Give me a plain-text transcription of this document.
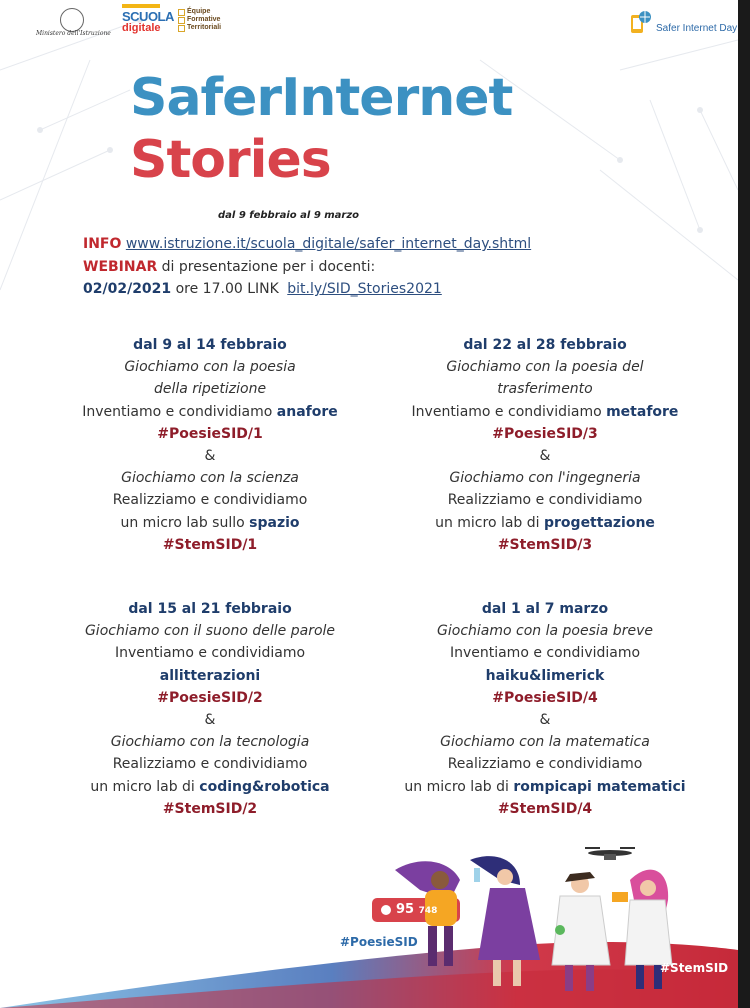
Ministero dell'Istruzione
SCUOLA
digitale
Équipe
Formative
Territoriali	Safer Internet Day
SaferInternet
Stories
dal 9 febbraio al 9 marzo
INFO www.istruzione.it/scuola_digitale/safer_internet_day.shtml
WEBINAR di presentazione per i docenti:
02/02/2021 ore 17.00 LINK bit.ly/SID_Stories2021
dal 9 al 14 febbraio
Giochiamo con la poesia
della ripetizione
Inventiamo e condividiamo anafore
#PoesieSID/1
&
Giochiamo con la scienza
Realizziamo e condividiamo
un micro lab sullo spazio
#StemSID/1
dal 22 al 28 febbraio
Giochiamo con la poesia del
trasferimento
Inventiamo e condividiamo metafore
#PoesieSID/3
&
Giochiamo con l'ingegneria
Realizziamo e condividiamo
un micro lab di progettazione
#StemSID/3
dal 15 al 21 febbraio
Giochiamo con il suono delle parole
Inventiamo e condividiamo
allitterazioni
#PoesieSID/2
&
Giochiamo con la tecnologia
Realizziamo e condividiamo
un micro lab di coding&robotica
#StemSID/2
dal 1 al 7 marzo
Giochiamo con la poesia breve
Inventiamo e condividiamo
haiku&limerick
#PoesieSID/4
&
Giochiamo con la matematica
Realizziamo e condividiamo
un micro lab di rompicapi matematici
#StemSID/4
95 748
#PoesieSID
#StemSID
